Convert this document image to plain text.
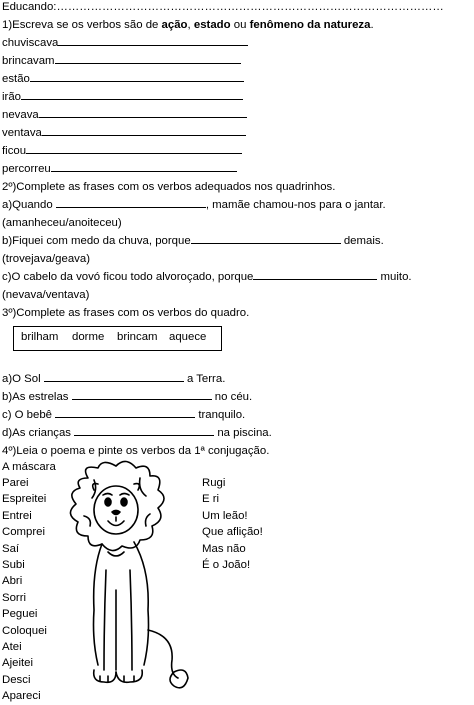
Educando:…………………………………………………………………………………………
1)Escreva se os verbos são de ação, estado ou fenômeno da natureza.
chuviscava
brincavam
estão
irão
nevava
ventava
ficou
percorreu
2º)Complete as frases com os verbos adequados nos quadrinhos.
a)Quando	, mamãe chamou-nos para o jantar.
(amanheceu/anoiteceu)
b)Fiquei com medo da chuva, porque	demais.
(trovejava/geava)
c)O cabelo da vovó ficou todo alvoroçado, porque	muito.
(nevava/ventava)
3º)Complete as frases com os verbos do quadro.
brilham dorme brincam aquece
a)O Sol	a Terra.
b)As estrelas	no céu.
c) O bebê	tranquilo.
d)As crianças	na piscina.
4º)Leia o poema e pinte os verbos da 1ª conjugação.
A máscara
Parei
Espreitei
Entrei
Comprei
Saí
Subi
Abri
Sorri
Peguei
Coloquei
Atei
Ajeitei
Desci
Apareci
Rugi
E ri
Um leão!
Que aflição!
Mas não
É o João!
